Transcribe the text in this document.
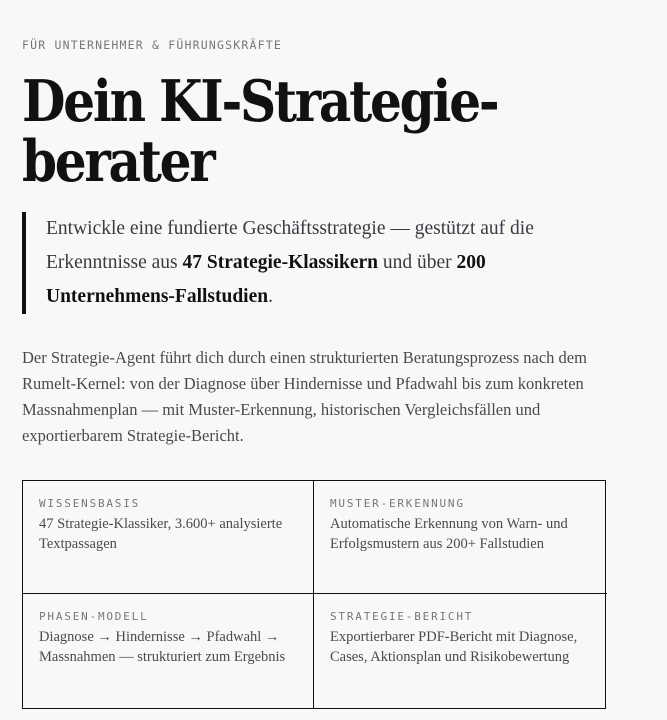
FÜR UNTERNEHMER & FÜHRUNGSKRÄFTE
Dein KI-Strategie-
berater
Entwickle eine fundierte Geschäftsstrategie — gestützt auf die Erkenntnisse aus 47 Strategie-Klassikern und über 200 Unternehmens-Fallstudien.

Der Strategie-Agent führt dich durch einen strukturierten Beratungsprozess nach dem Rumelt-Kernel: von der Diagnose über Hindernisse und Pfadwahl bis zum konkreten Massnahmenplan — mit Muster-Erkennung, historischen Vergleichsfällen und exportierbarem Strategie-Bericht.

WISSENSBASIS
47 Strategie-Klassiker, 3.600+ analysierte Textpassagen
MUSTER-ERKENNUNG
Automatische Erkennung von Warn- und Erfolgsmustern aus 200+ Fallstudien
PHASEN-MODELL
Diagnose → Hindernisse → Pfadwahl → Massnahmen — strukturiert zum Ergebnis
STRATEGIE-BERICHT
Exportierbarer PDF-Bericht mit Diagnose, Cases, Aktionsplan und Risikobewertung
